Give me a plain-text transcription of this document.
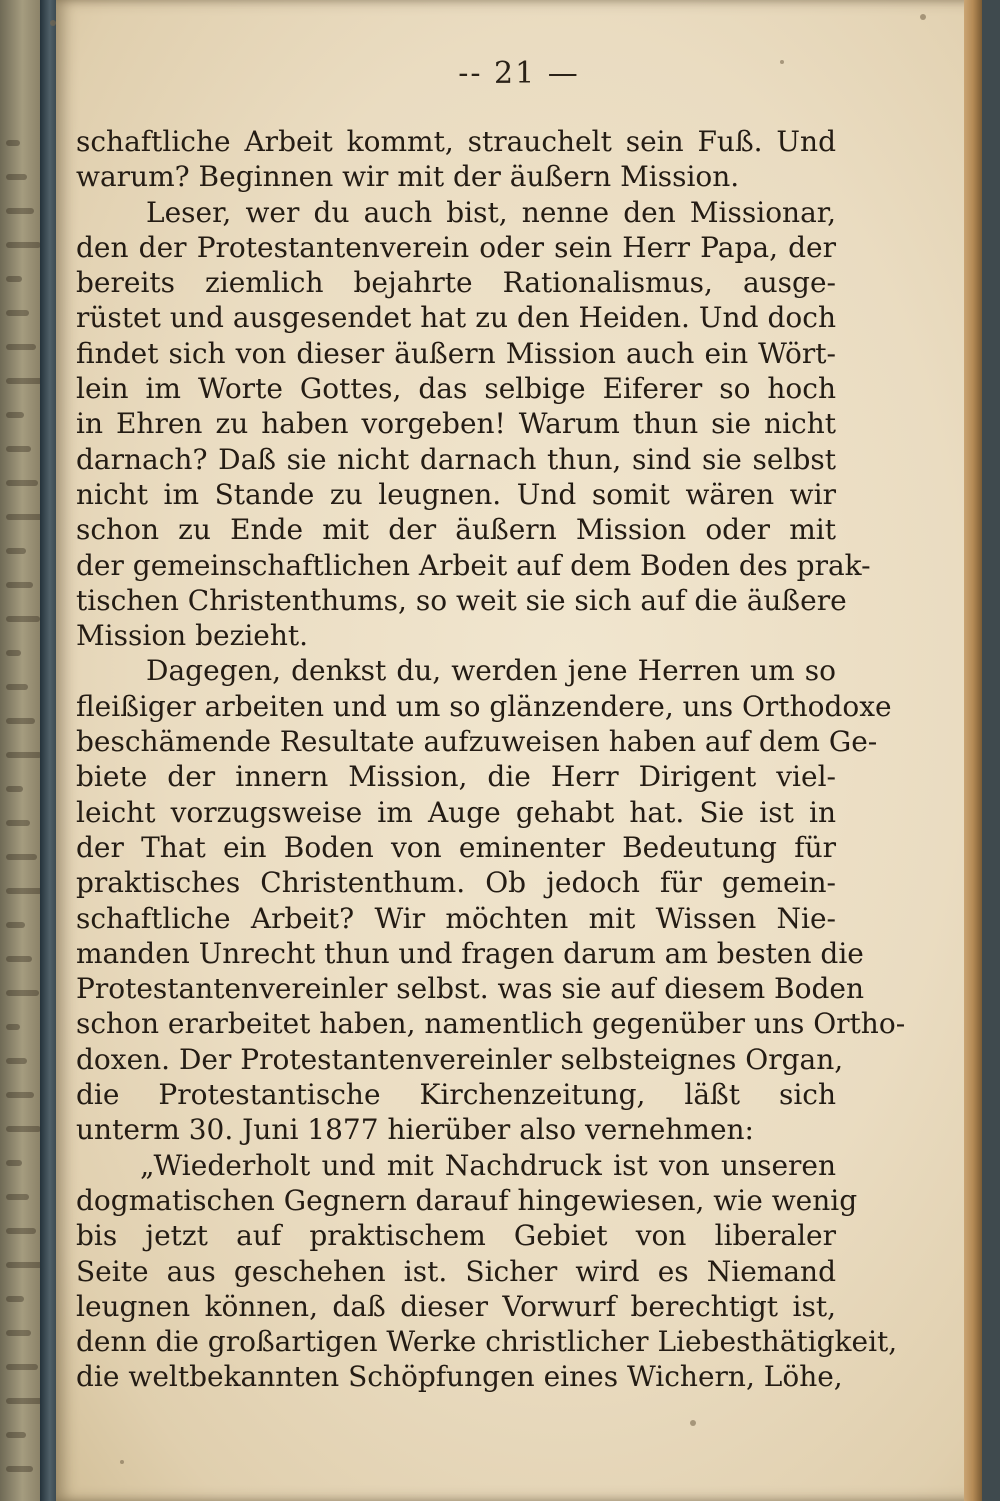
-- 21 —
schaftliche Arbeit kommt, strauchelt sein Fuß. Und
warum? Beginnen wir mit der äußern Mission.
Leser, wer du auch bist, nenne den Missionar,
den der Protestantenverein oder sein Herr Papa, der
bereits ziemlich bejahrte Rationalismus, ausge-
rüstet und ausgesendet hat zu den Heiden. Und doch
findet sich von dieser äußern Mission auch ein Wört-
lein im Worte Gottes, das selbige Eiferer so hoch
in Ehren zu haben vorgeben! Warum thun sie nicht
darnach? Daß sie nicht darnach thun, sind sie selbst
nicht im Stande zu leugnen. Und somit wären wir
schon zu Ende mit der äußern Mission oder mit
der gemeinschaftlichen Arbeit auf dem Boden des prak-
tischen Christenthums, so weit sie sich auf die äußere
Mission bezieht.
Dagegen, denkst du, werden jene Herren um so
fleißiger arbeiten und um so glänzendere, uns Orthodoxe
beschämende Resultate aufzuweisen haben auf dem Ge-
biete der innern Mission, die Herr Dirigent viel-
leicht vorzugsweise im Auge gehabt hat. Sie ist in
der That ein Boden von eminenter Bedeutung für
praktisches Christenthum. Ob jedoch für gemein-
schaftliche Arbeit? Wir möchten mit Wissen Nie-
manden Unrecht thun und fragen darum am besten die
Protestantenvereinler selbst. was sie auf diesem Boden
schon erarbeitet haben, namentlich gegenüber uns Ortho-
doxen. Der Protestantenvereinler selbsteignes Organ,
die Protestantische Kirchenzeitung, läßt sich
unterm 30. Juni 1877 hierüber also vernehmen:
„Wiederholt und mit Nachdruck ist von unseren
dogmatischen Gegnern darauf hingewiesen, wie wenig
bis jetzt auf praktischem Gebiet von liberaler
Seite aus geschehen ist. Sicher wird es Niemand
leugnen können, daß dieser Vorwurf berechtigt ist,
denn die großartigen Werke christlicher Liebesthätigkeit,
die weltbekannten Schöpfungen eines Wichern, Löhe,
